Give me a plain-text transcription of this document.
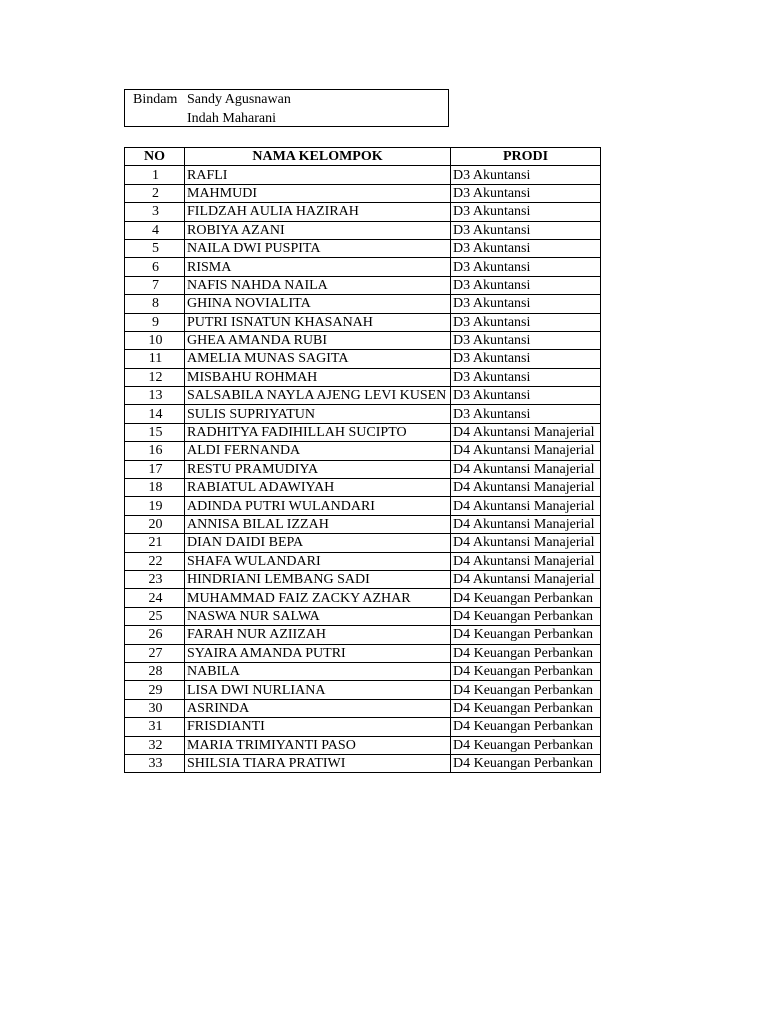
Bindam Sandy Agusnawan
Indah Maharani
NO	NAMA KELOMPOK	PRODI
1	RAFLI	D3 Akuntansi
2	MAHMUDI	D3 Akuntansi
3	FILDZAH AULIA HAZIRAH	D3 Akuntansi
4	ROBIYA AZANI	D3 Akuntansi
5	NAILA DWI PUSPITA	D3 Akuntansi
6	RISMA	D3 Akuntansi
7	NAFIS NAHDA NAILA	D3 Akuntansi
8	GHINA NOVIALITA	D3 Akuntansi
9	PUTRI ISNATUN KHASANAH	D3 Akuntansi
10	GHEA AMANDA RUBI	D3 Akuntansi
11	AMELIA MUNAS SAGITA	D3 Akuntansi
12	MISBAHU ROHMAH	D3 Akuntansi
13	SALSABILA NAYLA AJENG LEVI KUSEN	D3 Akuntansi
14	SULIS SUPRIYATUN	D3 Akuntansi
15	RADHITYA FADIHILLAH SUCIPTO	D4 Akuntansi Manajerial
16	ALDI FERNANDA	D4 Akuntansi Manajerial
17	RESTU PRAMUDIYA	D4 Akuntansi Manajerial
18	RABIATUL ADAWIYAH	D4 Akuntansi Manajerial
19	ADINDA PUTRI WULANDARI	D4 Akuntansi Manajerial
20	ANNISA BILAL IZZAH	D4 Akuntansi Manajerial
21	DIAN DAIDI BEPA	D4 Akuntansi Manajerial
22	SHAFA WULANDARI	D4 Akuntansi Manajerial
23	HINDRIANI LEMBANG SADI	D4 Akuntansi Manajerial
24	MUHAMMAD FAIZ ZACKY AZHAR	D4 Keuangan Perbankan
25	NASWA NUR SALWA	D4 Keuangan Perbankan
26	FARAH NUR AZIIZAH	D4 Keuangan Perbankan
27	SYAIRA AMANDA PUTRI	D4 Keuangan Perbankan
28	NABILA	D4 Keuangan Perbankan
29	LISA DWI NURLIANA	D4 Keuangan Perbankan
30	ASRINDA	D4 Keuangan Perbankan
31	FRISDIANTI	D4 Keuangan Perbankan
32	MARIA TRIMIYANTI PASO	D4 Keuangan Perbankan
33	SHILSIA TIARA PRATIWI	D4 Keuangan Perbankan
